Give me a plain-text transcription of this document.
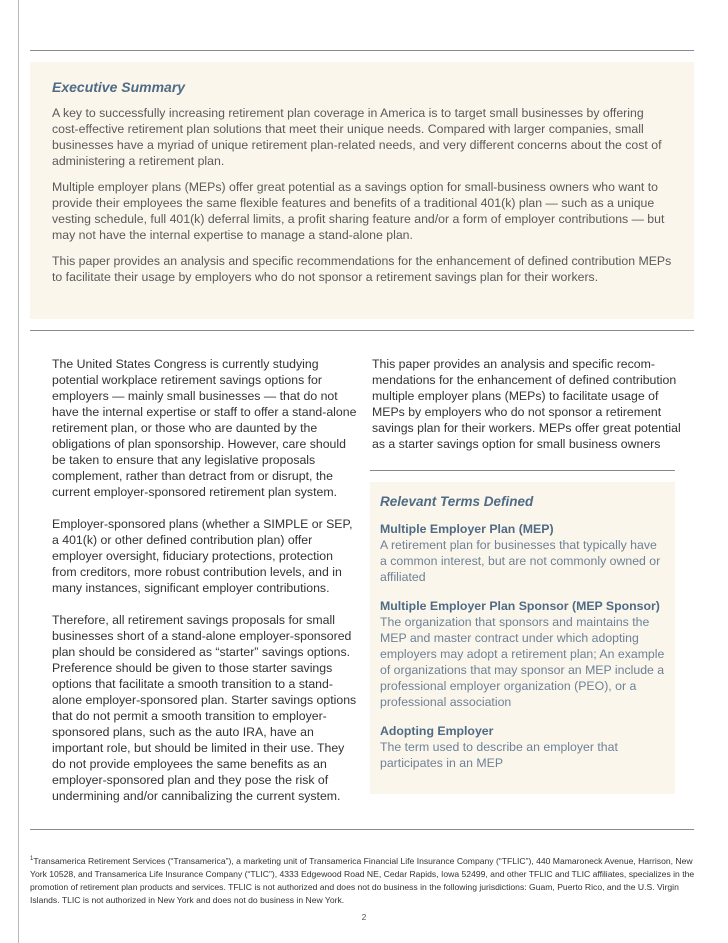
Executive Summary

A key to successfully increasing retirement plan coverage in America is to target small businesses by offering cost-effective retirement plan solutions that meet their unique needs. Compared with larger companies, small businesses have a myriad of unique retirement plan-related needs, and very different concerns about the cost of administering a retirement plan.

Multiple employer plans (MEPs) offer great potential as a savings option for small-business owners who want to provide their employees the same flexible features and benefits of a traditional 401(k) plan — such as a unique vesting schedule, full 401(k) deferral limits, a profit sharing feature and/or a form of employer contributions — but may not have the internal expertise to manage a stand-alone plan.

This paper provides an analysis and specific recommendations for the enhancement of defined contribution MEPs to facilitate their usage by employers who do not sponsor a retirement savings plan for their workers.

The United States Congress is currently studying potential workplace retirement savings options for employers — mainly small businesses — that do not have the internal expertise or staff to offer a stand-alone retirement plan, or those who are daunted by the obligations of plan sponsorship. However, care should be taken to ensure that any legislative proposals complement, rather than detract from or disrupt, the current employer-sponsored retirement plan system.

Employer-sponsored plans (whether a SIMPLE or SEP, a 401(k) or other defined contribution plan) offer employer oversight, fiduciary protections, protection from creditors, more robust contribution levels, and in many instances, significant employer contributions.

Therefore, all retirement savings proposals for small businesses short of a stand-alone employer-sponsored plan should be considered as “starter” savings options. Preference should be given to those starter savings options that facilitate a smooth transition to a stand-alone employer-sponsored plan. Starter savings options that do not permit a smooth transition to employer-sponsored plans, such as the auto IRA, have an important role, but should be limited in their use. They do not provide employees the same benefits as an employer-sponsored plan and they pose the risk of undermining and/or cannibalizing the current system.

This paper provides an analysis and specific recom-mendations for the enhancement of defined contribution multiple employer plans (MEPs) to facilitate usage of MEPs by employers who do not sponsor a retirement savings plan for their workers. MEPs offer great potential as a starter savings option for small business owners

Relevant Terms Defined
Multiple Employer Plan (MEP)
A retirement plan for businesses that typically have a common interest, but are not commonly owned or affiliated
Multiple Employer Plan Sponsor (MEP Sponsor)
The organization that sponsors and maintains the MEP and master contract under which adopting employers may adopt a retirement plan; An example of organizations that may sponsor an MEP include a professional employer organization (PEO), or a professional association
Adopting Employer
The term used to describe an employer that participates in an MEP
$^1$Transamerica Retirement Services (“Transamerica”), a marketing unit of Transamerica Financial Life Insurance Company (“TFLIC”), 440 Mamaroneck Avenue, Harrison, New York 10528, and Transamerica Life Insurance Company (“TLIC”), 4333 Edgewood Road NE, Cedar Rapids, Iowa 52499, and other TFLIC and TLIC affiliates, specializes in the promotion of retirement plan products and services. TFLIC is not authorized and does not do business in the following jurisdictions: Guam, Puerto Rico, and the U.S. Virgin Islands. TLIC is not authorized in New York and does not do business in New York.
2
